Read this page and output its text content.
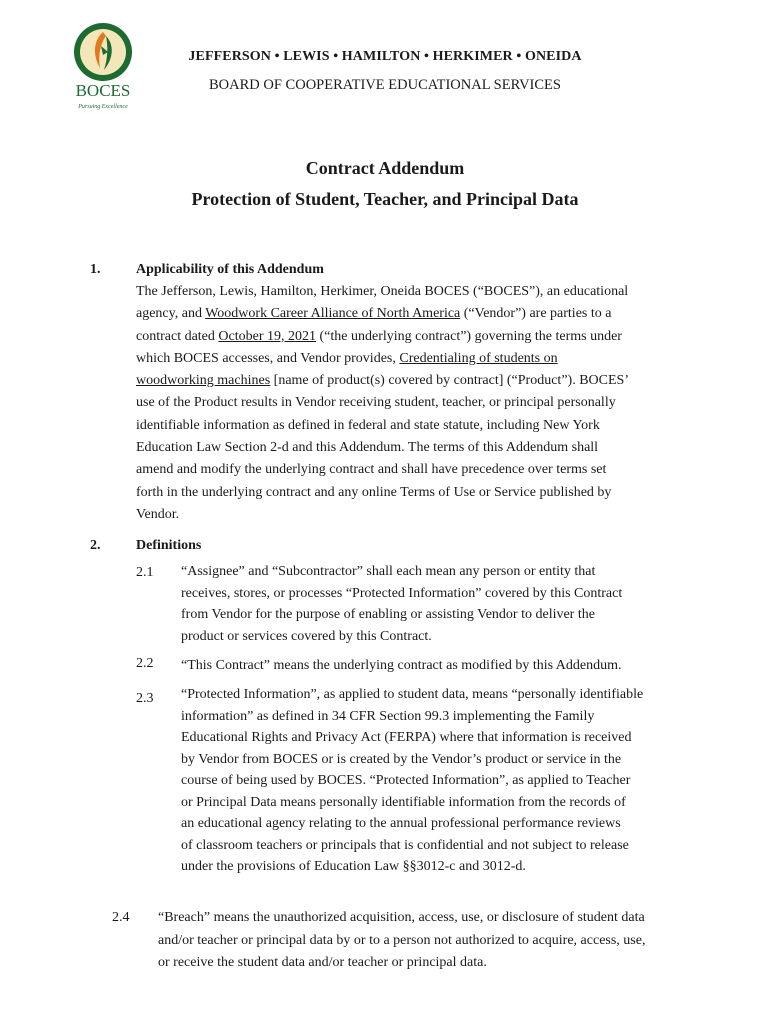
BOCES
Pursuing Excellence
JEFFERSON • LEWIS • HAMILTON • HERKIMER • ONEIDA
BOARD OF COOPERATIVE EDUCATIONAL SERVICES
Contract Addendum
Protection of Student, Teacher, and Principal Data
1.	Applicability of this Addendum
The Jefferson, Lewis, Hamilton, Herkimer, Oneida BOCES (“BOCES”), an educational
agency, and Woodwork Career Alliance of North America (“Vendor”) are parties to a
contract dated October 19, 2021 (“the underlying contract”) governing the terms under
which BOCES accesses, and Vendor provides, Credentialing of students on
woodworking machines [name of product(s) covered by contract] (“Product”). BOCES’
use of the Product results in Vendor receiving student, teacher, or principal personally
identifiable information as defined in federal and state statute, including New York
Education Law Section 2-d and this Addendum. The terms of this Addendum shall
amend and modify the underlying contract and shall have precedence over terms set
forth in the underlying contract and any online Terms of Use or Service published by
Vendor.
2.	Definitions
2.1 “Assignee” and “Subcontractor” shall each mean any person or entity that
receives, stores, or processes “Protected Information” covered by this Contract
from Vendor for the purpose of enabling or assisting Vendor to deliver the
product or services covered by this Contract.
2.2 “This Contract” means the underlying contract as modified by this Addendum.
2.3 “Protected Information”, as applied to student data, means “personally identifiable
information” as defined in 34 CFR Section 99.3 implementing the Family
Educational Rights and Privacy Act (FERPA) where that information is received
by Vendor from BOCES or is created by the Vendor’s product or service in the
course of being used by BOCES. “Protected Information”, as applied to Teacher
or Principal Data means personally identifiable information from the records of
an educational agency relating to the annual professional performance reviews
of classroom teachers or principals that is confidential and not subject to release
under the provisions of Education Law §§3012-c and 3012-d.
2.4 “Breach” means the unauthorized acquisition, access, use, or disclosure of student data
and/or teacher or principal data by or to a person not authorized to acquire, access, use,
or receive the student data and/or teacher or principal data.
